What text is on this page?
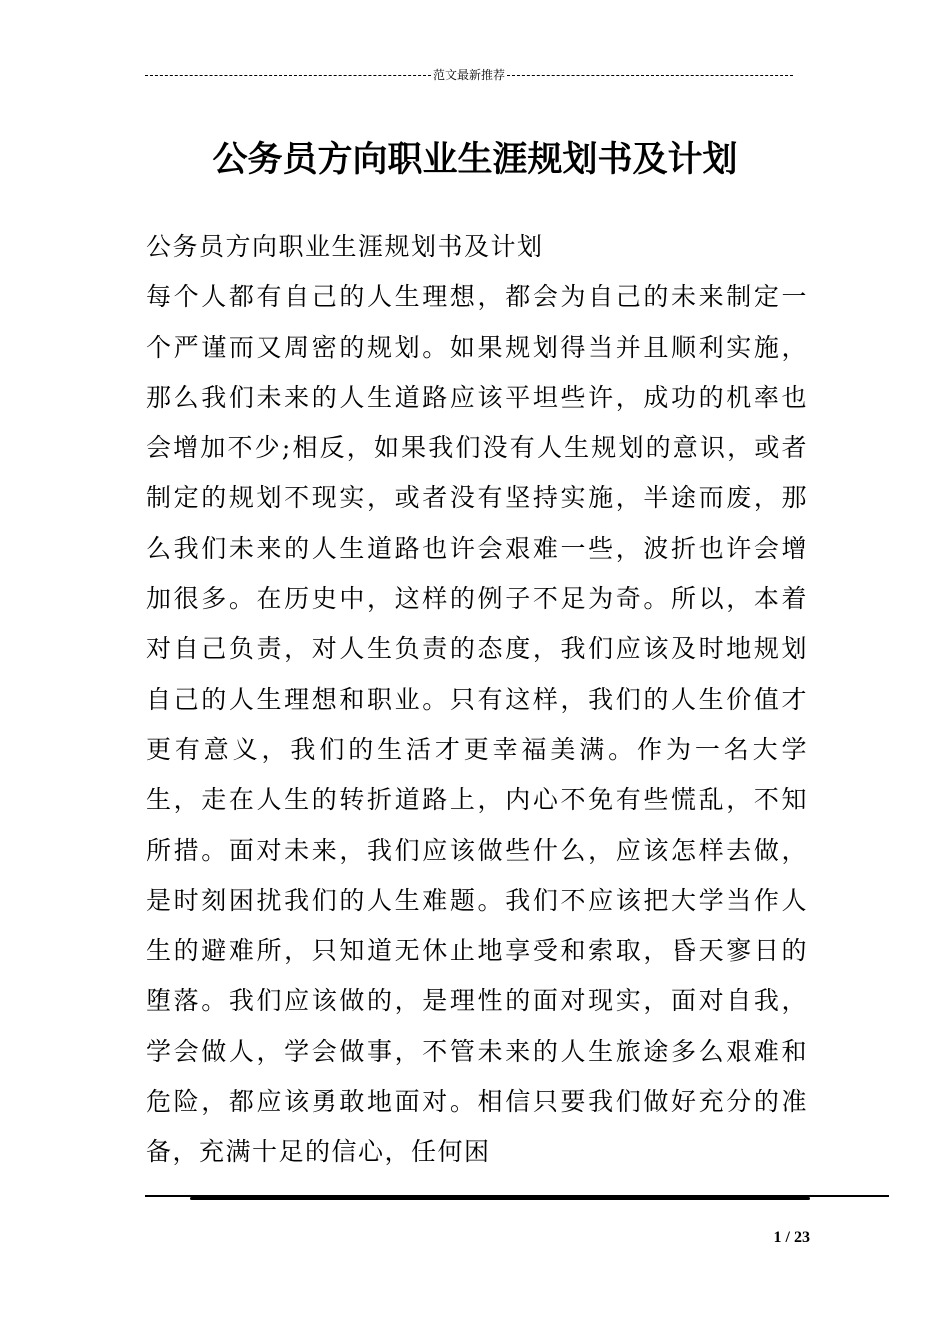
范文最新推荐
公务员方向职业生涯规划书及计划
公务员方向职业生涯规划书及计划
每个人都有自己的人生理想，都会为自己的未来制定一个严谨而又周密的规划。如果规划得当并且顺利实施，那么我们未来的人生道路应该平坦些许，成功的机率也会增加不少;相反，如果我们没有人生规划的意识，或者制定的规划不现实，或者没有坚持实施，半途而废，那么我们未来的人生道路也许会艰难一些，波折也许会增加很多。在历史中，这样的例子不足为奇。所以，本着对自己负责，对人生负责的态度，我们应该及时地规划自己的人生理想和职业。只有这样，我们的人生价值才更有意义，我们的生活才更幸福美满。作为一名大学生，走在人生的转折道路上，内心不免有些慌乱，不知所措。面对未来，我们应该做些什么，应该怎样去做，是时刻困扰我们的人生难题。我们不应该把大学当作人生的避难所，只知道无休止地享受和索取，昏天寥日的堕落。我们应该做的，是理性的面对现实，面对自我，学会做人，学会做事，不管未来的人生旅途多么艰难和危险，都应该勇敢地面对。相信只要我们做好充分的准备，充满十足的信心，任何困
1 / 23
